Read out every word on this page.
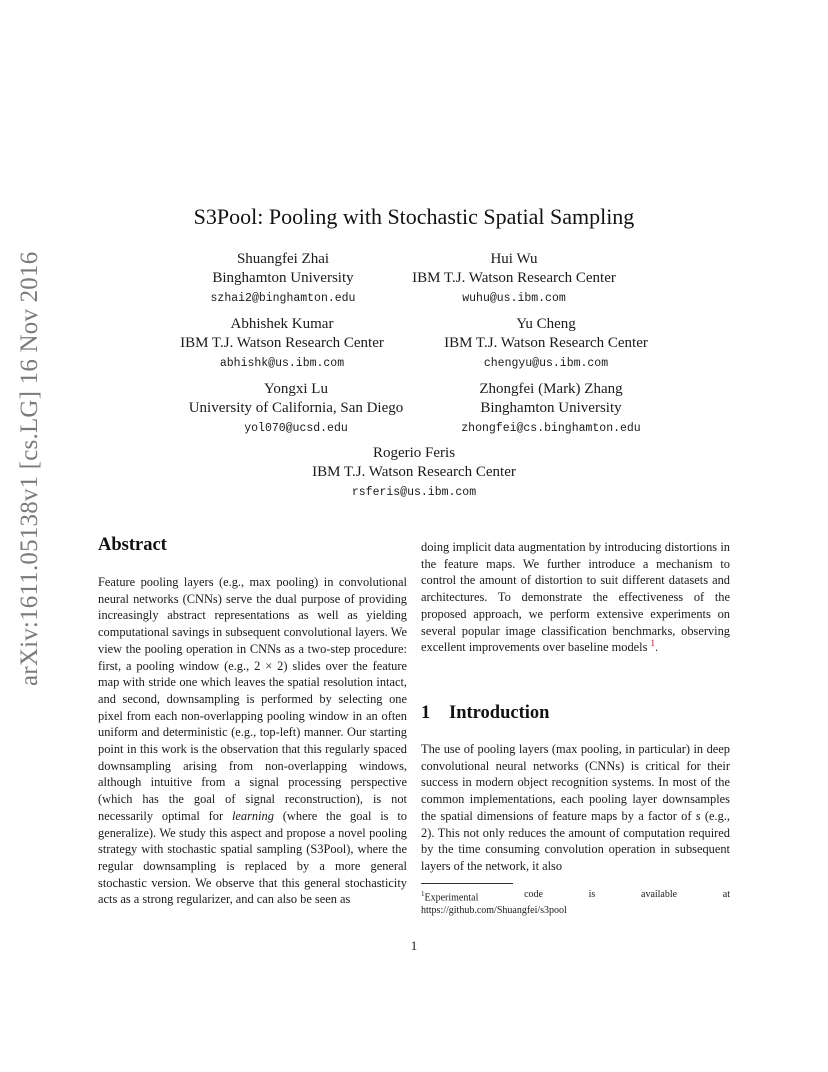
arXiv:1611.05138v1 [cs.LG] 16 Nov 2016
S3Pool: Pooling with Stochastic Spatial Sampling
Shuangfei Zhai
Binghamton University
szhai2@binghamton.edu
Hui Wu
IBM T.J. Watson Research Center
wuhu@us.ibm.com
Abhishek Kumar
IBM T.J. Watson Research Center
abhishk@us.ibm.com
Yu Cheng
IBM T.J. Watson Research Center
chengyu@us.ibm.com
Yongxi Lu
University of California, San Diego
yol070@ucsd.edu
Zhongfei (Mark) Zhang
Binghamton University
zhongfei@cs.binghamton.edu
Rogerio Feris
IBM T.J. Watson Research Center
rsferis@us.ibm.com
Abstract

Feature pooling layers (e.g., max pooling) in convolutional neural networks (CNNs) serve the dual purpose of providing increasingly abstract representations as well as yielding computational savings in subsequent convolutional layers. We view the pooling operation in CNNs as a two-step procedure: first, a pooling window (e.g., 2 × 2) slides over the feature map with stride one which leaves the spatial resolution intact, and second, downsampling is performed by selecting one pixel from each non-overlapping pooling window in an often uniform and deterministic (e.g., top-left) manner. Our starting point in this work is the observation that this regularly spaced downsampling arising from non-overlapping windows, although intuitive from a signal processing perspective (which has the goal of signal reconstruction), is not necessarily optimal for learning (where the goal is to generalize). We study this aspect and propose a novel pooling strategy with stochastic spatial sampling (S3Pool), where the regular downsampling is replaced by a more general stochastic version. We observe that this general stochasticity acts as a strong regularizer, and can also be seen as

doing implicit data augmentation by introducing distortions in the feature maps. We further introduce a mechanism to control the amount of distortion to suit different datasets and architectures. To demonstrate the effectiveness of the proposed approach, we perform extensive experiments on several popular image classification benchmarks, observing excellent improvements over baseline models $^1$.

1 Introduction

The use of pooling layers (max pooling, in particular) in deep convolutional neural networks (CNNs) is critical for their success in modern object recognition systems. In most of the common implementations, each pooling layer downsamples the spatial dimensions of feature maps by a factor of s (e.g., 2). This not only reduces the amount of computation required by the time consuming convolution operation in subsequent layers of the network, it also

$^1$Experimental	code	is	available	at
https://github.com/Shuangfei/s3pool
1
